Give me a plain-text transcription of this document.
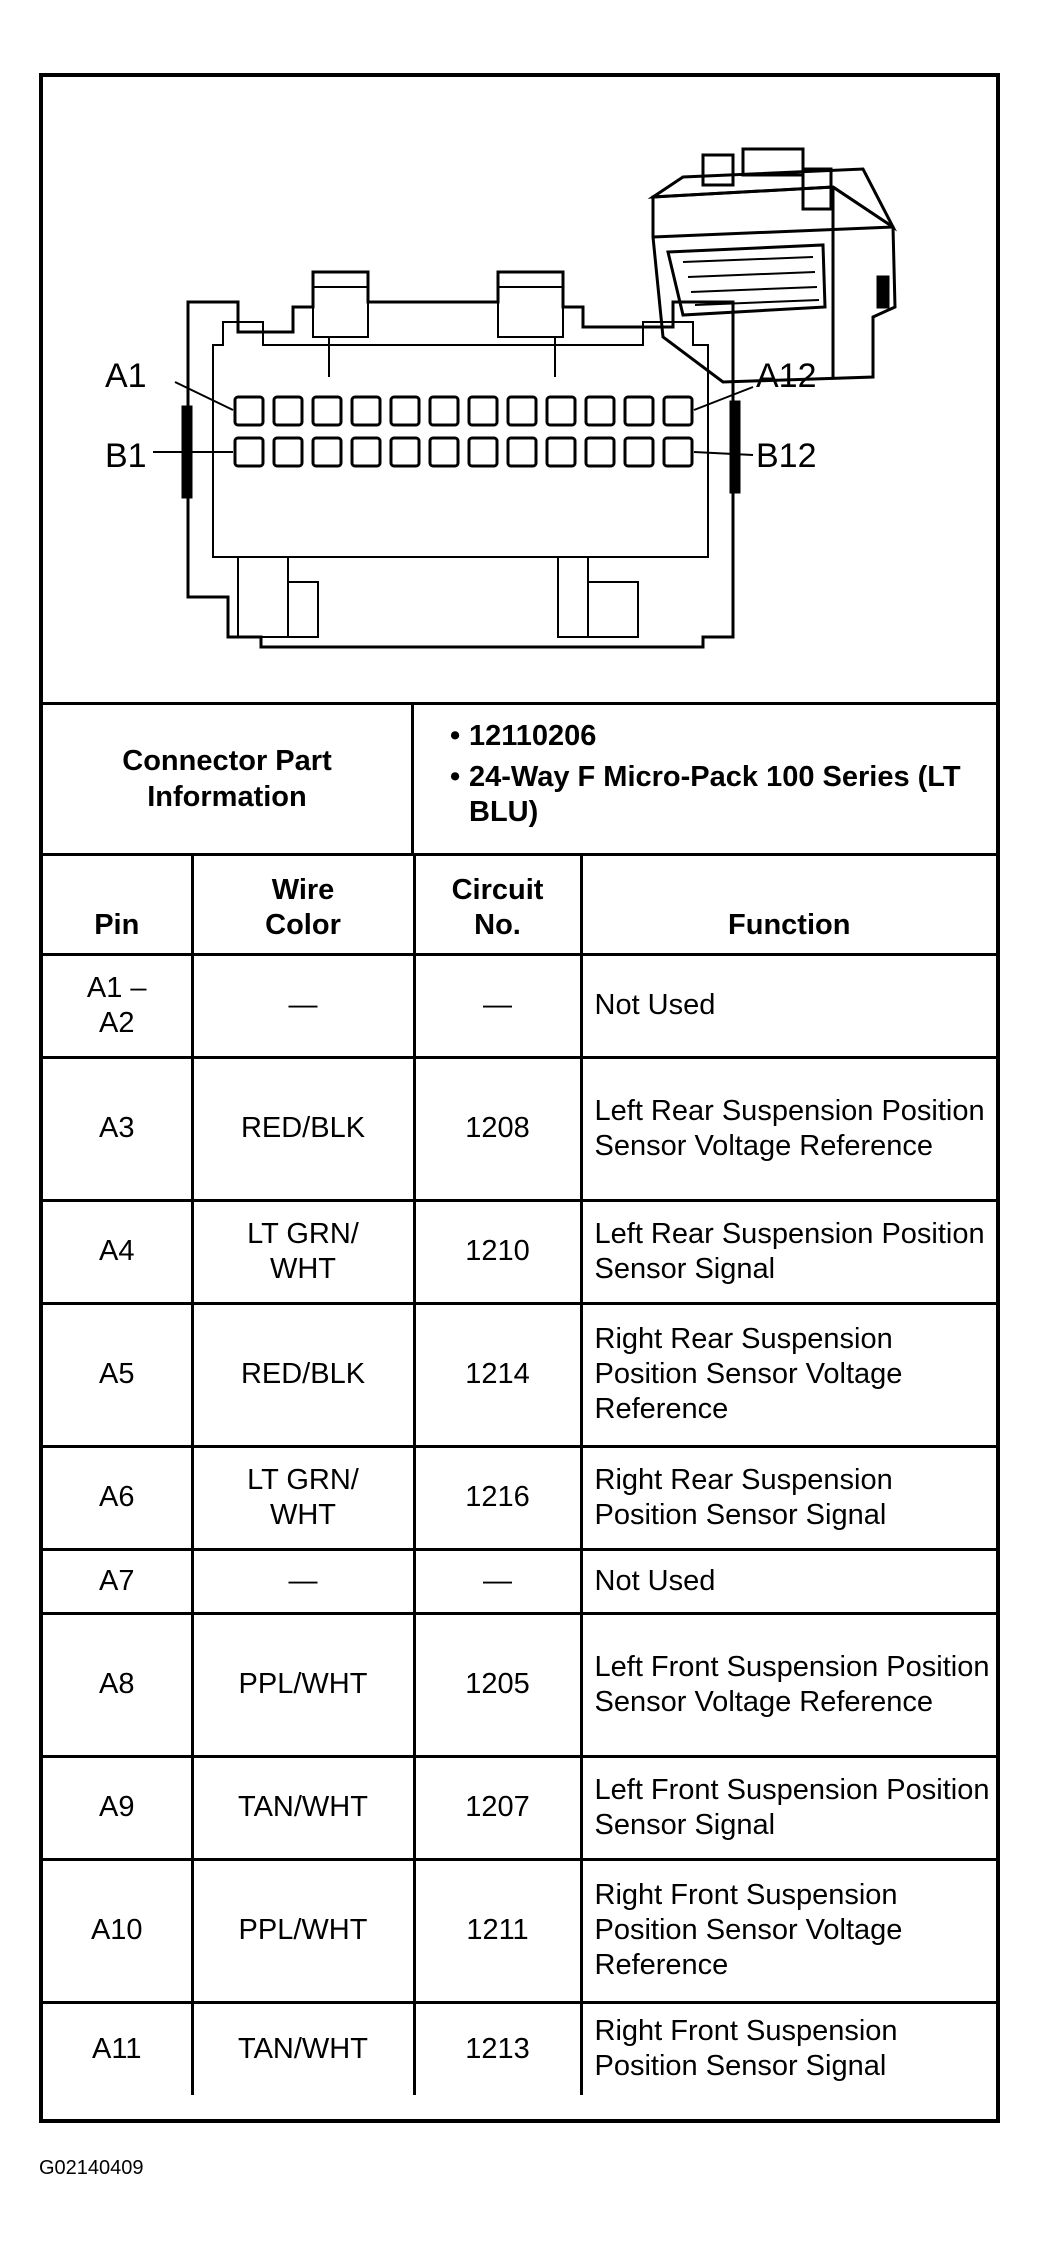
A1	A12
B1	B12
Connector Part Information
• 12110206
• 24-Way F Micro-Pack 100 Series (LT BLU)
Pin	Wire Color	Circuit No.	Function
A1 – A2	—	—	Not Used
A3	RED/BLK	1208	Left Rear Suspension Position Sensor Voltage Reference
A4	LT GRN/ WHT	1210	Left Rear Suspension Position Sensor Signal
A5	RED/BLK	1214	Right Rear Suspension Position Sensor Voltage Reference
A6	LT GRN/ WHT	1216	Right Rear Suspension Position Sensor Signal
A7	—	—	Not Used
A8	PPL/WHT	1205	Left Front Suspension Position Sensor Voltage Reference
A9	TAN/WHT	1207	Left Front Suspension Position Sensor Signal
A10	PPL/WHT	1211	Right Front Suspension Position Sensor Voltage Reference
A11	TAN/WHT	1213	Right Front Suspension Position Sensor Signal
G02140409
